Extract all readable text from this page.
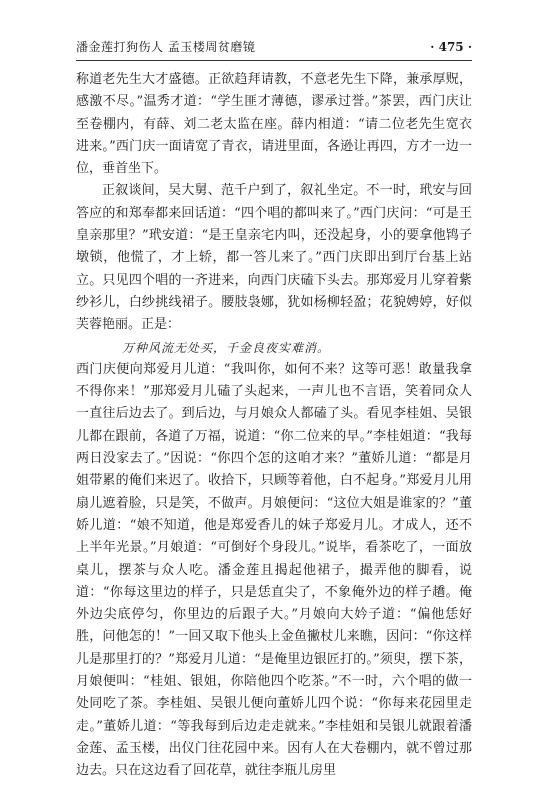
潘金莲打狗伤人 孟玉楼周贫磨镜	· 475 ·

称道老先生大才盛德。正欲趋拜请教，不意老先生下降，兼承厚贶，感激不尽。”温秀才道：“学生匪才薄德，谬承过誉。”茶罢，西门庆让至卷棚内，有薛、刘二老太监在座。薛内相道：“请二位老先生宽衣进来。”西门庆一面请宽了青衣，请进里面，各逊让再四，方才一边一位，垂首坐下。

正叙谈间，吴大舅、范千户到了，叙礼坐定。不一时，玳安与回答应的和郑奉都来回话道：“四个唱的都叫来了。”西门庆问：“可是王皇亲那里？”玳安道：“是王皇亲宅内叫，还没起身，小的要拿他鸨子墩锁，他慌了，才上轿，都一答儿来了。”西门庆即出到厅台基上站立。只见四个唱的一齐进来，向西门庆磕下头去。那郑爱月儿穿着紫纱衫儿，白纱挑线裙子。腰肢袅娜，犹如杨柳轻盈；花貌娉婷，好似芙蓉艳丽。正是：

万种风流无处买，千金良夜实难消。

西门庆便向郑爱月儿道：“我叫你，如何不来？这等可恶！敢量我拿不得你来！”那郑爱月儿磕了头起来，一声儿也不言语，笑着同众人一直往后边去了。到后边，与月娘众人都磕了头。看见李桂姐、吴银儿都在跟前，各道了万福，说道：“你二位来的早。”李桂姐道：“我每两日没家去了。”因说：“你四个怎的这咱才来？”董娇儿道：“都是月姐带累的俺们来迟了。收拾下，只顾等着他，白不起身。”郑爱月儿用扇儿遮着脸，只是笑，不做声。月娘便问：“这位大姐是谁家的？”董娇儿道：“娘不知道，他是郑爱香儿的妹子郑爱月儿。才成人，还不上半年光景。”月娘道：“可倒好个身段儿。”说毕，看茶吃了，一面放桌儿，摆茶与众人吃。潘金莲且揭起他裙子，撮弄他的脚看，说道：“你每这里边的样子，只是恁直尖了，不象俺外边的样子趫。俺外边尖底停匀，你里边的后跟子大。”月娘向大妗子道：“偏他恁好胜，问他怎的！”一回又取下他头上金鱼撇杖儿来瞧，因问：“你这样儿是那里打的？”郑爱月儿道：“是俺里边银匠打的。”须臾，摆下茶，月娘便叫：“桂姐、银姐，你陪他四个吃茶。”不一时，六个唱的做一处同吃了茶。李桂姐、吴银儿便向董娇儿四个说：“你每来花园里走走。”董娇儿道：“等我每到后边走走就来。”李桂姐和吴银儿就跟着潘金莲、孟玉楼，出仪门往花园中来。因有人在大卷棚内，就不曾过那边去。只在这边看了回花草，就往李瓶儿房里
